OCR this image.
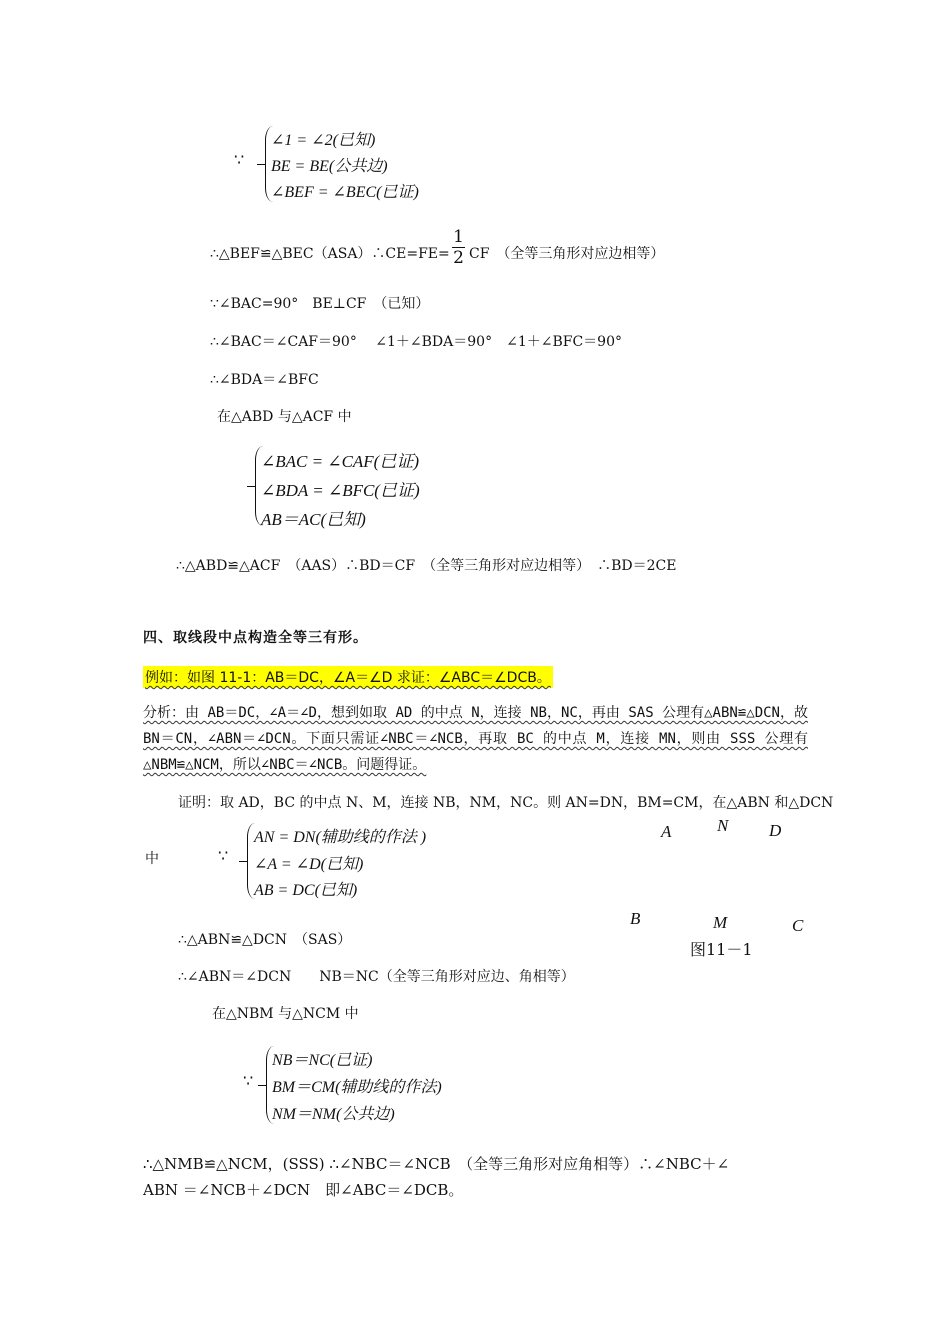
∵
∠1 = ∠2(已知)
BE = BE(公共边)
∠BEF = ∠BEC(已证)
∴△BEF≌△BEC（ASA）∴CE=FE=
1
2 CF　（全等三角形对应边相等）
∵∠BAC=90°　BE⊥CF　（已知）
∴∠BAC＝∠CAF＝90°　 ∠1＋∠BDA＝90°　∠1＋∠BFC＝90°
∴∠BDA＝∠BFC
在△ABD 与△ACF 中
∠BAC = ∠CAF(已证)
∠BDA = ∠BFC(已证)
AB＝AC(已知)
∴△ABD≌△ACF　（AAS）∴BD＝CF　（全等三角形对应边相等）　∴BD＝2CE
四、取线段中点构造全等三有形。
例如：如图 11-1：AB＝DC，∠A＝∠D 求证：∠ABC＝∠DCB。
分析：由 AB＝DC，∠A＝∠D，想到如取 AD 的中点 N，连接 NB，NC，再由 SAS 公理有△ABN≌△DCN，故 BN＝CN，∠ABN＝∠DCN。下面只需证∠NBC＝∠NCB，再取 BC 的中点 M，连接 MN，则由 SSS 公理有△NBM≌△NCM，所以∠NBC＝∠NCB。问题得证。
证明：取 AD，BC 的中点 N、M，连接 NB，NM，NC。则 AN=DN，BM=CM，在△ABN 和△DCN
中	∵
AN = DN(辅助线的作法 )
∠A = ∠D(已知)
AB = DC(已知)
A	N D
B	M	C
图11－1
∴△ABN≌△DCN　（SAS）
∴∠ABN＝∠DCN　　NB＝NC（全等三角形对应边、角相等）
在△NBM 与△NCM 中
∵
NB＝NC(已证)
BM＝CM(辅助线的作法)
NM＝NM(公共边)
∴△NMB≌△NCM，(SSS) ∴∠NBC＝∠NCB　（全等三角形对应角相等）∴∠NBC＋∠
ABN ＝∠NCB＋∠DCN　即∠ABC＝∠DCB。
